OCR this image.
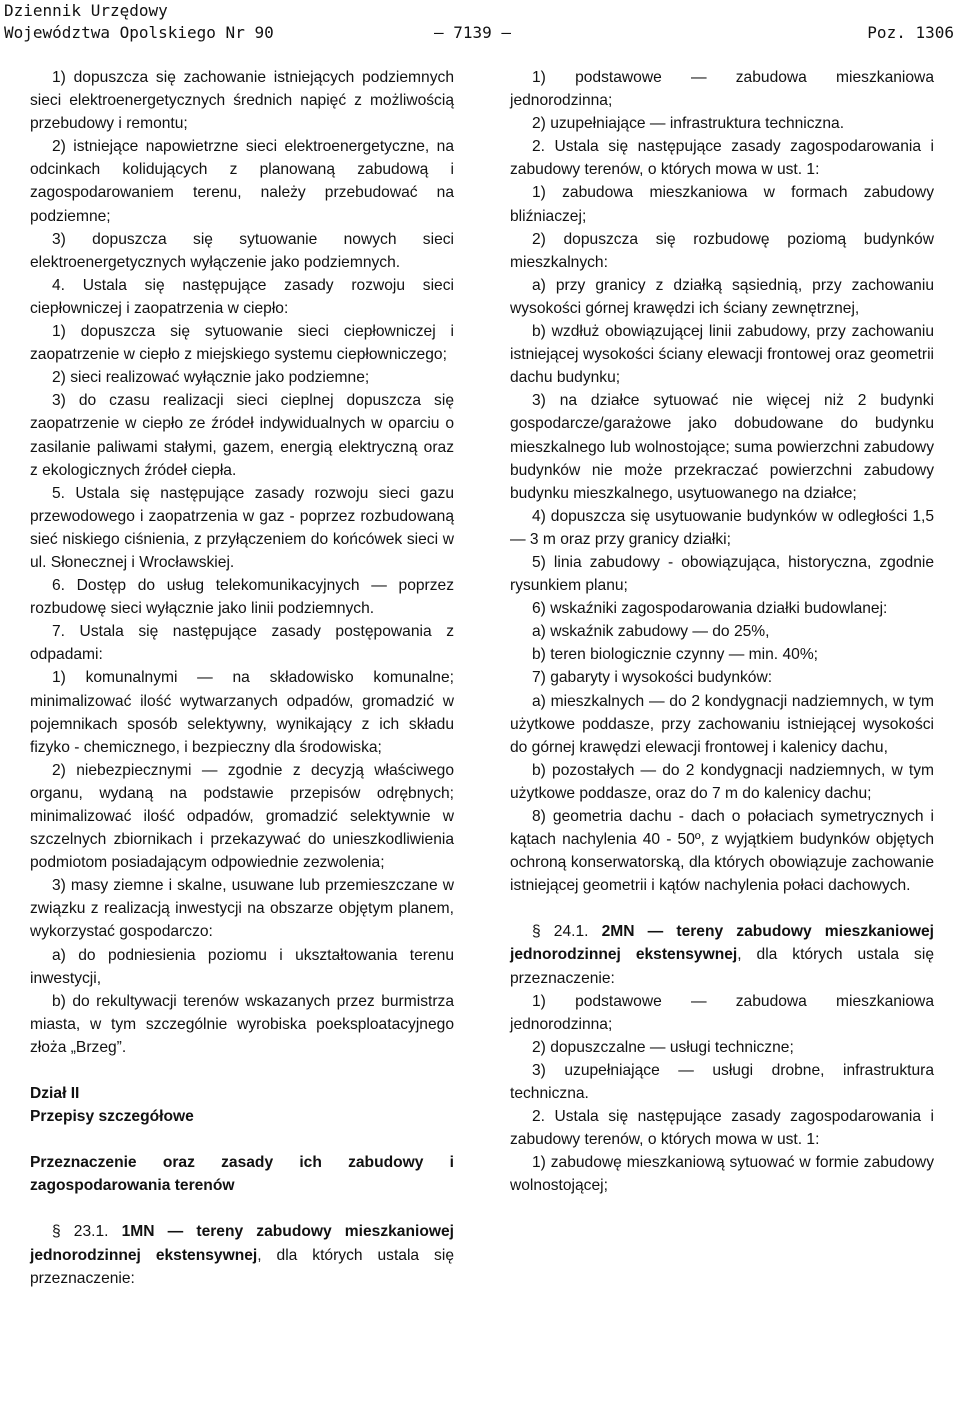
Dziennik Urzędowy
Województwa Opolskiego Nr 90	– 7139 –	Poz. 1306

1) dopuszcza się zachowanie istniejących podziemnych sieci elektroenergetycznych średnich napięć z możliwością przebudowy i remontu;

2) istniejące napowietrzne sieci elektroenergetyczne, na odcinkach kolidujących z planowaną zabudową i zagospodarowaniem terenu, należy przebudować na podziemne;

3) dopuszcza się sytuowanie nowych sieci elektroenergetycznych wyłączenie jako podziemnych.

4. Ustala się następujące zasady rozwoju sieci ciepłowniczej i zaopatrzenia w ciepło:

1) dopuszcza się sytuowanie sieci ciepłowniczej i zaopatrzenie w ciepło z miejskiego systemu ciepłowniczego;

2) sieci realizować wyłącznie jako podziemne;

3) do czasu realizacji sieci cieplnej dopuszcza się zaopatrzenie w ciepło ze źródeł indywidualnych w oparciu o zasilanie paliwami stałymi, gazem, energią elektryczną oraz z ekologicznych źródeł ciepła.

5. Ustala się następujące zasady rozwoju sieci gazu przewodowego i zaopatrzenia w gaz - poprzez rozbudowaną sieć niskiego ciśnienia, z przyłączeniem do końcówek sieci w ul. Słonecznej i Wrocławskiej.

6. Dostęp do usług telekomunikacyjnych — poprzez rozbudowę sieci wyłącznie jako linii podziemnych.

7. Ustala się następujące zasady postępowania z odpadami:

1) komunalnymi — na składowisko komunalne; minimalizować ilość wytwarzanych odpadów, gromadzić w pojemnikach sposób selektywny, wynikający z ich składu fizyko - chemicznego, i bezpieczny dla środowiska;

2) niebezpiecznymi — zgodnie z decyzją właściwego organu, wydaną na podstawie przepisów odrębnych; minimalizować ilość odpadów, gromadzić selektywnie w szczelnych zbiornikach i przekazywać do unieszkodliwienia podmiotom posiadającym odpowiednie zezwolenia;

3) masy ziemne i skalne, usuwane lub przemieszczane w związku z realizacją inwestycji na obszarze objętym planem, wykorzystać gospodarczo:

a) do podniesienia poziomu i ukształtowania terenu inwestycji,

b) do rekultywacji terenów wskazanych przez burmistrza miasta, w tym szczególnie wyrobiska poeksploatacyjnego złoża „Brzeg”.

Dział II

Przepisy szczegółowe

Przeznaczenie oraz zasady ich zabudowy i zagospodarowania terenów

§ 23.1. 1MN — tereny zabudowy mieszkaniowej jednorodzinnej ekstensywnej, dla których ustala się przeznaczenie:

1) podstawowe — zabudowa mieszkaniowa jednorodzinna;

2) uzupełniające — infrastruktura techniczna.

2. Ustala się następujące zasady zagospodarowania i zabudowy terenów, o których mowa w ust. 1:

1) zabudowa mieszkaniowa w formach zabudowy bliźniaczej;

2) dopuszcza się rozbudowę poziomą budynków mieszkalnych:

a) przy granicy z działką sąsiednią, przy zachowaniu wysokości górnej krawędzi ich ściany zewnętrznej,

b) wzdłuż obowiązującej linii zabudowy, przy zachowaniu istniejącej wysokości ściany elewacji frontowej oraz geometrii dachu budynku;

3) na działce sytuować nie więcej niż 2 budynki gospodarcze/garażowe jako dobudowane do budynku mieszkalnego lub wolnostojące; suma powierzchni zabudowy budynków nie może przekraczać powierzchni zabudowy budynku mieszkalnego, usytuowanego na działce;

4) dopuszcza się usytuowanie budynków w odległości 1,5 — 3 m oraz przy granicy działki;

5) linia zabudowy - obowiązująca, historyczna, zgodnie rysunkiem planu;

6) wskaźniki zagospodarowania działki budowlanej:

a) wskaźnik zabudowy — do 25%,

b) teren biologicznie czynny — min. 40%;

7) gabaryty i wysokości budynków:

a) mieszkalnych — do 2 kondygnacji nadziemnych, w tym użytkowe poddasze, przy zachowaniu istniejącej wysokości do górnej krawędzi elewacji frontowej i kalenicy dachu,

b) pozostałych — do 2 kondygnacji nadziemnych, w tym użytkowe poddasze, oraz do 7 m do kalenicy dachu;

8) geometria dachu - dach o połaciach symetrycznych i kątach nachylenia 40 - 50º, z wyjątkiem budynków objętych ochroną konserwatorską, dla których obowiązuje zachowanie istniejącej geometrii i kątów nachylenia połaci dachowych.

§ 24.1. 2MN — tereny zabudowy mieszkaniowej jednorodzinnej ekstensywnej, dla których ustala się przeznaczenie:

1) podstawowe — zabudowa mieszkaniowa jednorodzinna;

2) dopuszczalne — usługi techniczne;

3) uzupełniające — usługi drobne, infrastruktura techniczna.

2. Ustala się następujące zasady zagospodarowania i zabudowy terenów, o których mowa w ust. 1:

1) zabudowę mieszkaniową sytuować w formie zabudowy wolnostojącej;
